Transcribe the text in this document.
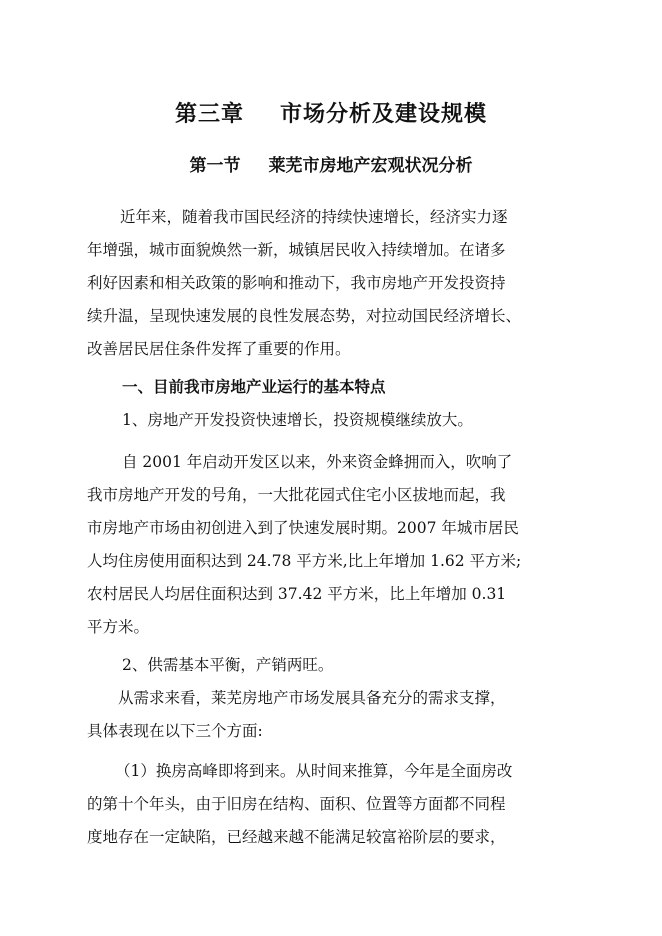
第三章 市场分析及建设规模
第一节 莱芜市房地产宏观状况分析

近年来，随着我市国民经济的持续快速增长，经济实力逐

年增强，城市面貌焕然一新，城镇居民收入持续增加。在诸多

利好因素和相关政策的影响和推动下，我市房地产开发投资持

续升温，呈现快速发展的良性发展态势，对拉动国民经济增长、

改善居民居住条件发挥了重要的作用。

一、目前我市房地产业运行的基本特点

1、房地产开发投资快速增长，投资规模继续放大。

自 2001 年启动开发区以来，外来资金蜂拥而入，吹响了

我市房地产开发的号角，一大批花园式住宅小区拔地而起，我

市房地产市场由初创进入到了快速发展时期。2007 年城市居民

人均住房使用面积达到 24.78 平方米,比上年增加 1.62 平方米;

农村居民人均居住面积达到 37.42 平方米，比上年增加 0.31

平方米。

2、供需基本平衡，产销两旺。

从需求来看，莱芜房地产市场发展具备充分的需求支撑，

具体表现在以下三个方面:

（1）换房高峰即将到来。从时间来推算，今年是全面房改

的第十个年头，由于旧房在结构、面积、位置等方面都不同程

度地存在一定缺陷，已经越来越不能满足较富裕阶层的要求，
